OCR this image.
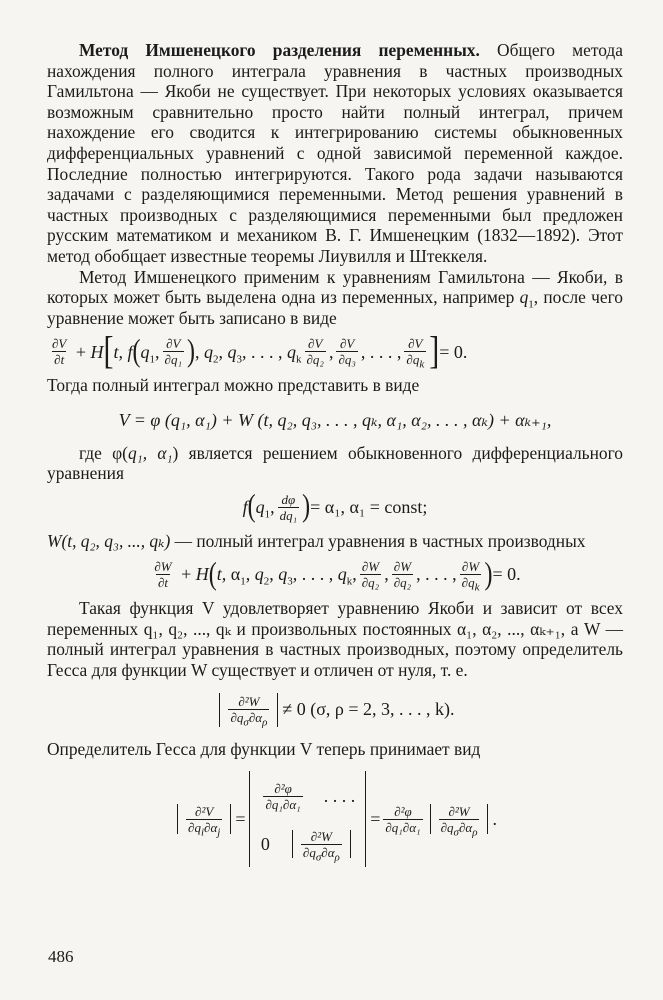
Метод Имшенецкого разделения переменных. Общего метода нахождения полного интеграла уравнения в частных производных Гамильтона — Якоби не существует. При некоторых условиях оказывается возможным сравнительно просто найти полный интеграл, причем нахождение его сводится к интегрированию системы обыкновенных дифференциальных уравнений с одной зависимой переменной каждое. Последние полностью интегрируются. Такого рода задачи называются задачами с разделяющимися переменными. Метод решения уравнений в частных производных с разделяющимися переменными был предложен русским математиком и механиком В. Г. Имшенецким (1832—1892). Этот метод обобщает известные теоремы Лиувилля и Штеккеля.

Метод Имшенецкого применим к уравнениям Гамильтона — Якоби, в которых может быть выделена одна из переменных, например $q_1$, после чего уравнение может быть записано в виде

$\frac{\partial V}{\partial t} + H$ [ t, f ( $q_1$, $\frac{\partial V}{\text{∂q₁}}$ ) , $q_2$, $q_3$, . . . , $q_k \frac{\partial V}{\text{∂q₂}}$ , $\frac{\partial V}{\text{∂q₃}}$ , . . . , $\frac{\partial V}{\partial q_k}$ ] = 0.

Тогда полный интеграл можно представить в виде

V = φ (q₁, α₁) + W (t, q₂, q₃, . . . , qₖ, α₁, α₂, . . . , αₖ) + αₖ₊₁,

где φ(q₁, α₁) является решением обыкновенного дифференциального уравнения

f ( $q_1$, $\frac{d\varphi}{\text{dq₁}}$ ) = α₁, α₁ = const;

W(t, q₂, q₃, ..., qₖ) — полный интеграл уравнения в частных производных

$\frac{\partial W}{\partial t} + H$ ( t, $\alpha_1$, $q_2$, $q_3$, . . . , $q_k$, $\frac{\partial W}{\text{∂q₂}}$ , $\frac{\partial W}{\text{∂q₂}}$ , . . . , $\frac{\partial W}{\partial q_k}$ ) = 0.

Такая функция V удовлетворяет уравнению Якоби и зависит от всех переменных q₁, q₂, ..., qₖ и произвольных постоянных α₁, α₂, ..., αₖ₊₁, а W — полный интеграл уравнения в частных производных, поэтому определитель Гесса для функции W существует и отличен от нуля, т. е.

$\frac{\text{∂²W}}{\partial q_\sigma\partial\alpha_\rho} \ne 0$ (σ, ρ = 2, 3, . . . , k).

Определитель Гесса для функции V теперь принимает вид

$\frac{\text{∂²V}}{\partial q_i\partial\alpha_j}$ =
$\frac{\text{∂²φ}}{\text{∂q₁∂α₁}}$ . . . .
$0 \frac{\text{∂²W}}{\partial q_\sigma\partial\alpha_\rho}$
= $\frac{\text{∂²φ}}{\text{∂q₁∂α₁}} \frac{\text{∂²W}}{\partial q_\sigma\partial\alpha_\rho}$ .
486
